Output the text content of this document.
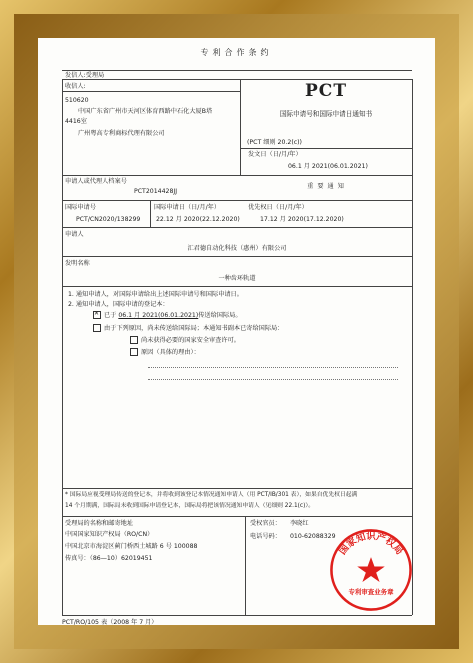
专利合作条约
发信人:受理局
收信人:
510620
中国广东省广州市天河区体育西路中石化大厦B塔
4416室
广州粤高专利商标代理有限公司
PCT
国际申请号和国际申请日通知书
(PCT 细则 20.2(c))
发文日（日/月/年）
06.1 月 2021(06.01.2021)
申请人或代理人档案号
PCT2014428JJ
重 要 通 知
国际申请号
PCT/CN2020/138299
国际申请日（日/月/年）
22.12 月 2020(22.12.2020)
优先权日（日/月/年）
17.12 月 2020(17.12.2020)
申请人
汇君德自动化科技（惠州）有限公司
发明名称
一种齿环轨道
1. 通知申请人，对国际申请给出上述国际申请号和国际申请日。
2. 通知申请人，国际申请的登记本：
✕已于 06.1 月 2021(06.01.2021)传送给国际局。
由于下列原因，尚未传送给国际局；本通知书副本已寄给国际局：
尚未获得必要的国家安全审查许可。
原因（具体的理由）：
* 国际局应视受理局传送的登记本，并将收到该登记本情况通知申请人（用 PCT/IB/301 表），如果自优先权日起满
14 个月期满，国际局未收到国际申请登记本，国际局将把该情况通知申请人（见细则 22.1(c)）。
受理局的名称和邮寄地址
中国国家知识产权局（RO/CN）
中国北京市海淀区蓟门桥西土城路 6 号 100088
传真号：（86—10）62019451
受权官员： 李晓红
电话号码： 010-62088329
PCT/RO/105 表（2008 年 7 月）
国家知识产权局
专利审查业务章
